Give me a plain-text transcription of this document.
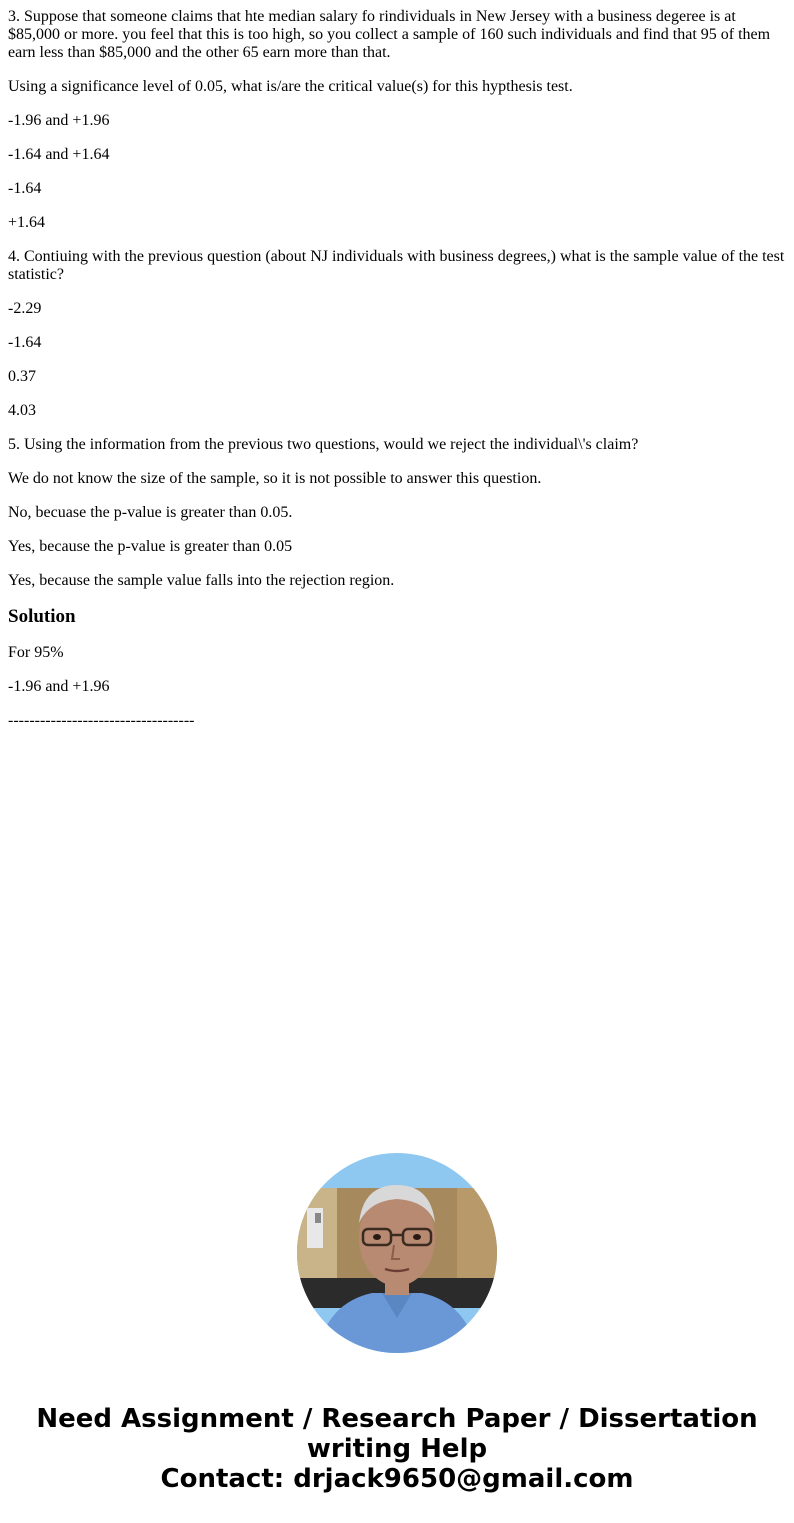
3. Suppose that someone claims that hte median salary fo rindividuals in New Jersey with a business degeree is at $85,000 or more. you feel that this is too high, so you collect a sample of 160 such individuals and find that 95 of them earn less than $85,000 and the other 65 earn more than that.

Using a significance level of 0.05, what is/are the critical value(s) for this hypthesis test.

-1.96 and +1.96

-1.64 and +1.64

-1.64

+1.64

4. Contiuing with the previous question (about NJ individuals with business degrees,) what is the sample value of the test statistic?

-2.29

-1.64

0.37

4.03

5. Using the information from the previous two questions, would we reject the individual\'s claim?

We do not know the size of the sample, so it is not possible to answer this question.

No, becuase the p-value is greater than 0.05.

Yes, because the p-value is greater than 0.05

Yes, because the sample value falls into the rejection region.

Solution

For 95%

-1.96 and +1.96

-----------------------------------

Need Assignment / Research Paper / Dissertation
writing Help
Contact: drjack9650@gmail.com
